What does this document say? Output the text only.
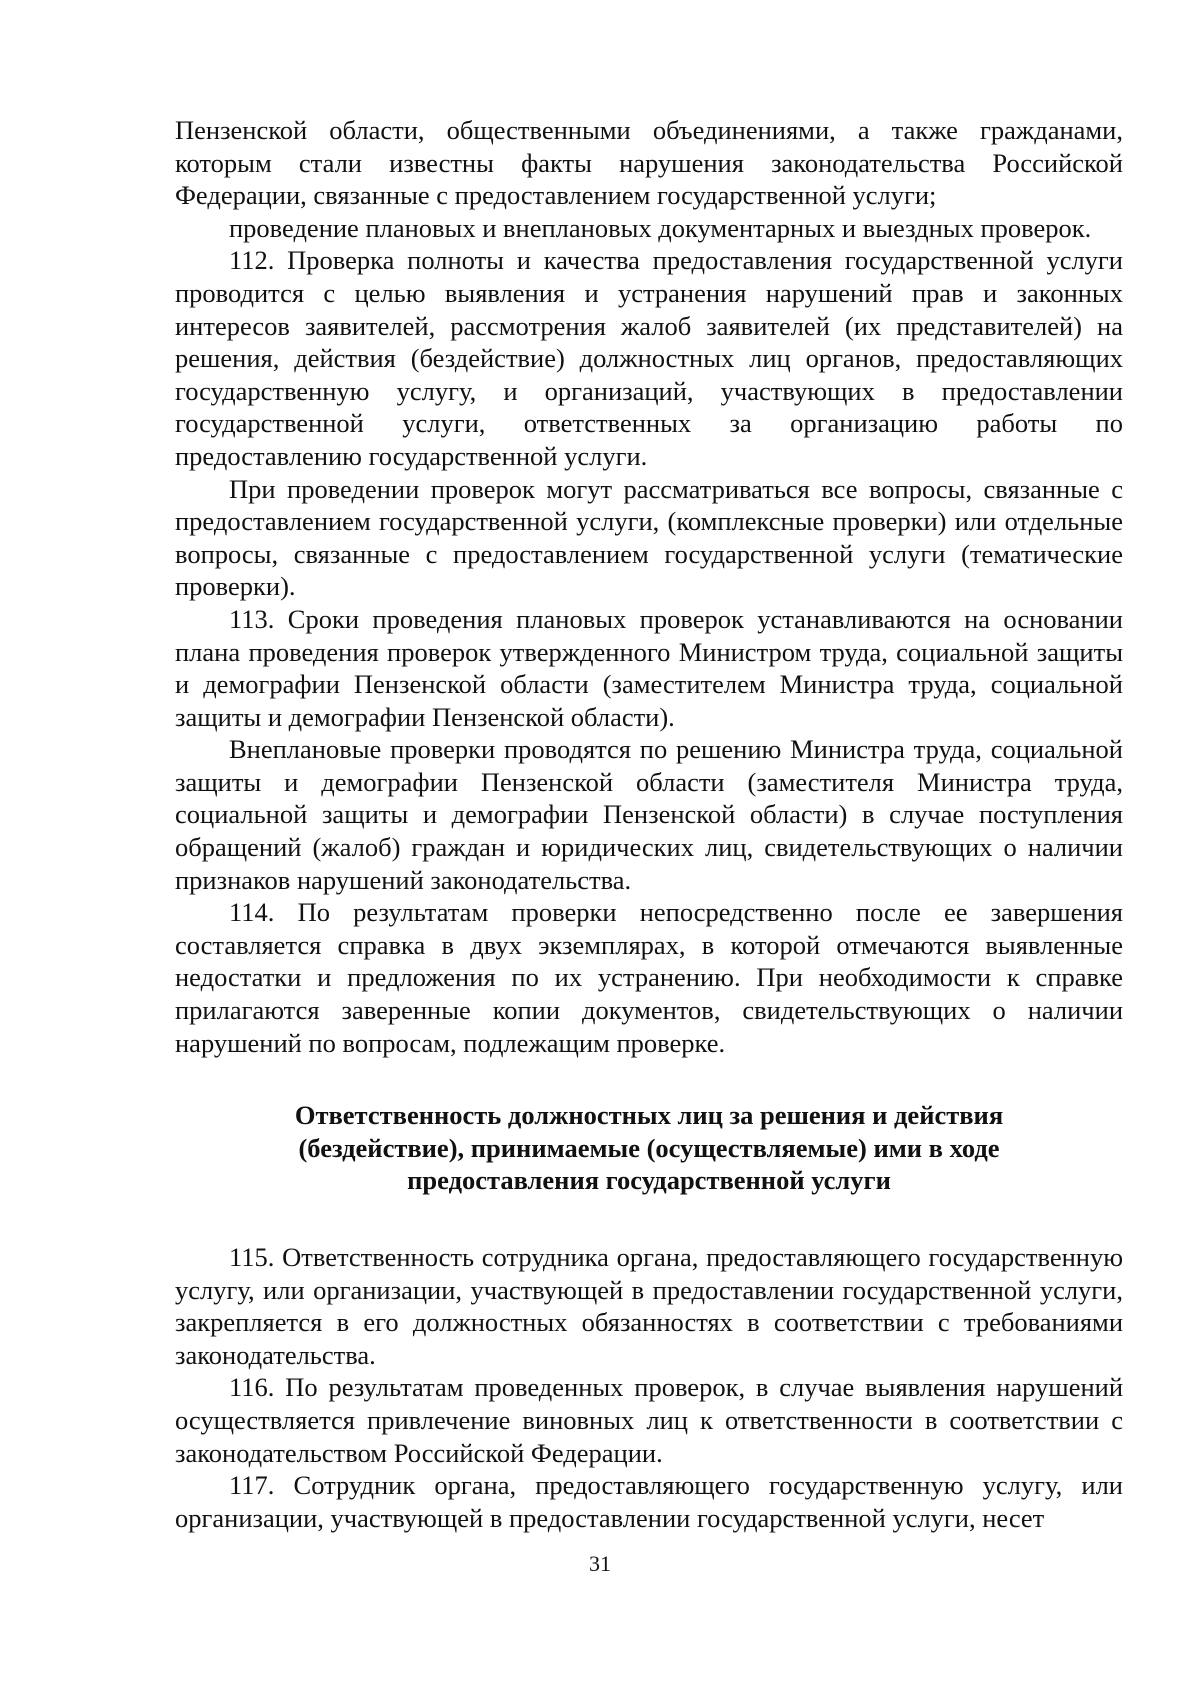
Пензенской области, общественными объединениями, а также гражданами, которым стали известны факты нарушения законодательства Российской Федерации, связанные с предоставлением государственной услуги;

проведение плановых и внеплановых документарных и выездных проверок.

112. Проверка полноты и качества предоставления государственной услуги проводится с целью выявления и устранения нарушений прав и законных интересов заявителей, рассмотрения жалоб заявителей (их представителей) на решения, действия (бездействие) должностных лиц органов, предоставляющих государственную услугу, и организаций, участвующих в предоставлении государственной услуги, ответственных за организацию работы по предоставлению государственной услуги.

При проведении проверок могут рассматриваться все вопросы, связанные с предоставлением государственной услуги, (комплексные проверки) или отдельные вопросы, связанные с предоставлением государственной услуги (тематические проверки).

113. Сроки проведения плановых проверок устанавливаются на основании плана проведения проверок утвержденного Министром труда, социальной защиты и демографии Пензенской области (заместителем Министра труда, социальной защиты и демографии Пензенской области).

Внеплановые проверки проводятся по решению Министра труда, социальной защиты и демографии Пензенской области (заместителя Министра труда, социальной защиты и демографии Пензенской области) в случае поступления обращений (жалоб) граждан и юридических лиц, свидетельствующих о наличии признаков нарушений законодательства.

114. По результатам проверки непосредственно после ее завершения составляется справка в двух экземплярах, в которой отмечаются выявленные недостатки и предложения по их устранению. При необходимости к справке прилагаются заверенные копии документов, свидетельствующих о наличии нарушений по вопросам, подлежащим проверке.

Ответственность должностных лиц за решения и действия
(бездействие), принимаемые (осуществляемые) ими в ходе
предоставления государственной услуги

115. Ответственность сотрудника органа, предоставляющего государственную услугу, или организации, участвующей в предоставлении государственной услуги, закрепляется в его должностных обязанностях в соответствии с требованиями законодательства.

116. По результатам проведенных проверок, в случае выявления нарушений осуществляется привлечение виновных лиц к ответственности в соответствии с законодательством Российской Федерации.

117. Сотрудник органа, предоставляющего государственную услугу, или организации, участвующей в предоставлении государственной услуги, несет

31
